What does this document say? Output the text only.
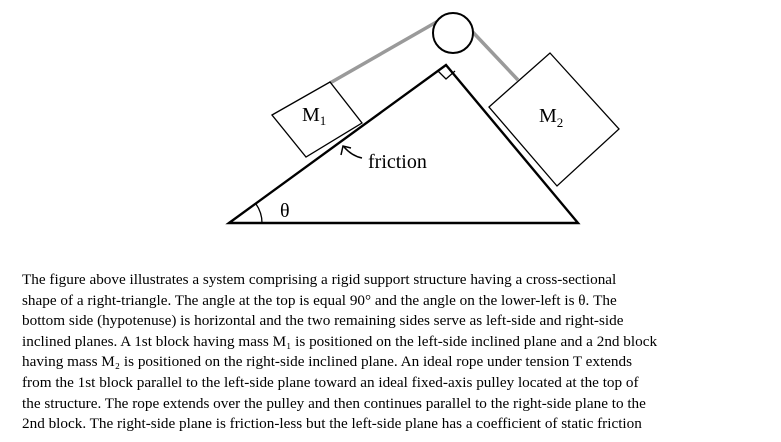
θ
$M_1$	$M_2$
friction

The figure above illustrates a system comprising a rigid support structure having a cross-sectional

shape of a right-triangle. The angle at the top is equal 90° and the angle on the lower-left is θ. The

bottom side (hypotenuse) is horizontal and the two remaining sides serve as left-side and right-side

inclined planes. A 1st block having mass M₁ is positioned on the left-side inclined plane and a 2nd block

having mass M₂ is positioned on the right-side inclined plane. An ideal rope under tension T extends

from the 1st block parallel to the left-side plane toward an ideal fixed-axis pulley located at the top of

the structure. The rope extends over the pulley and then continues parallel to the right-side plane to the

2nd block. The right-side plane is friction-less but the left-side plane has a coefficient of static friction
